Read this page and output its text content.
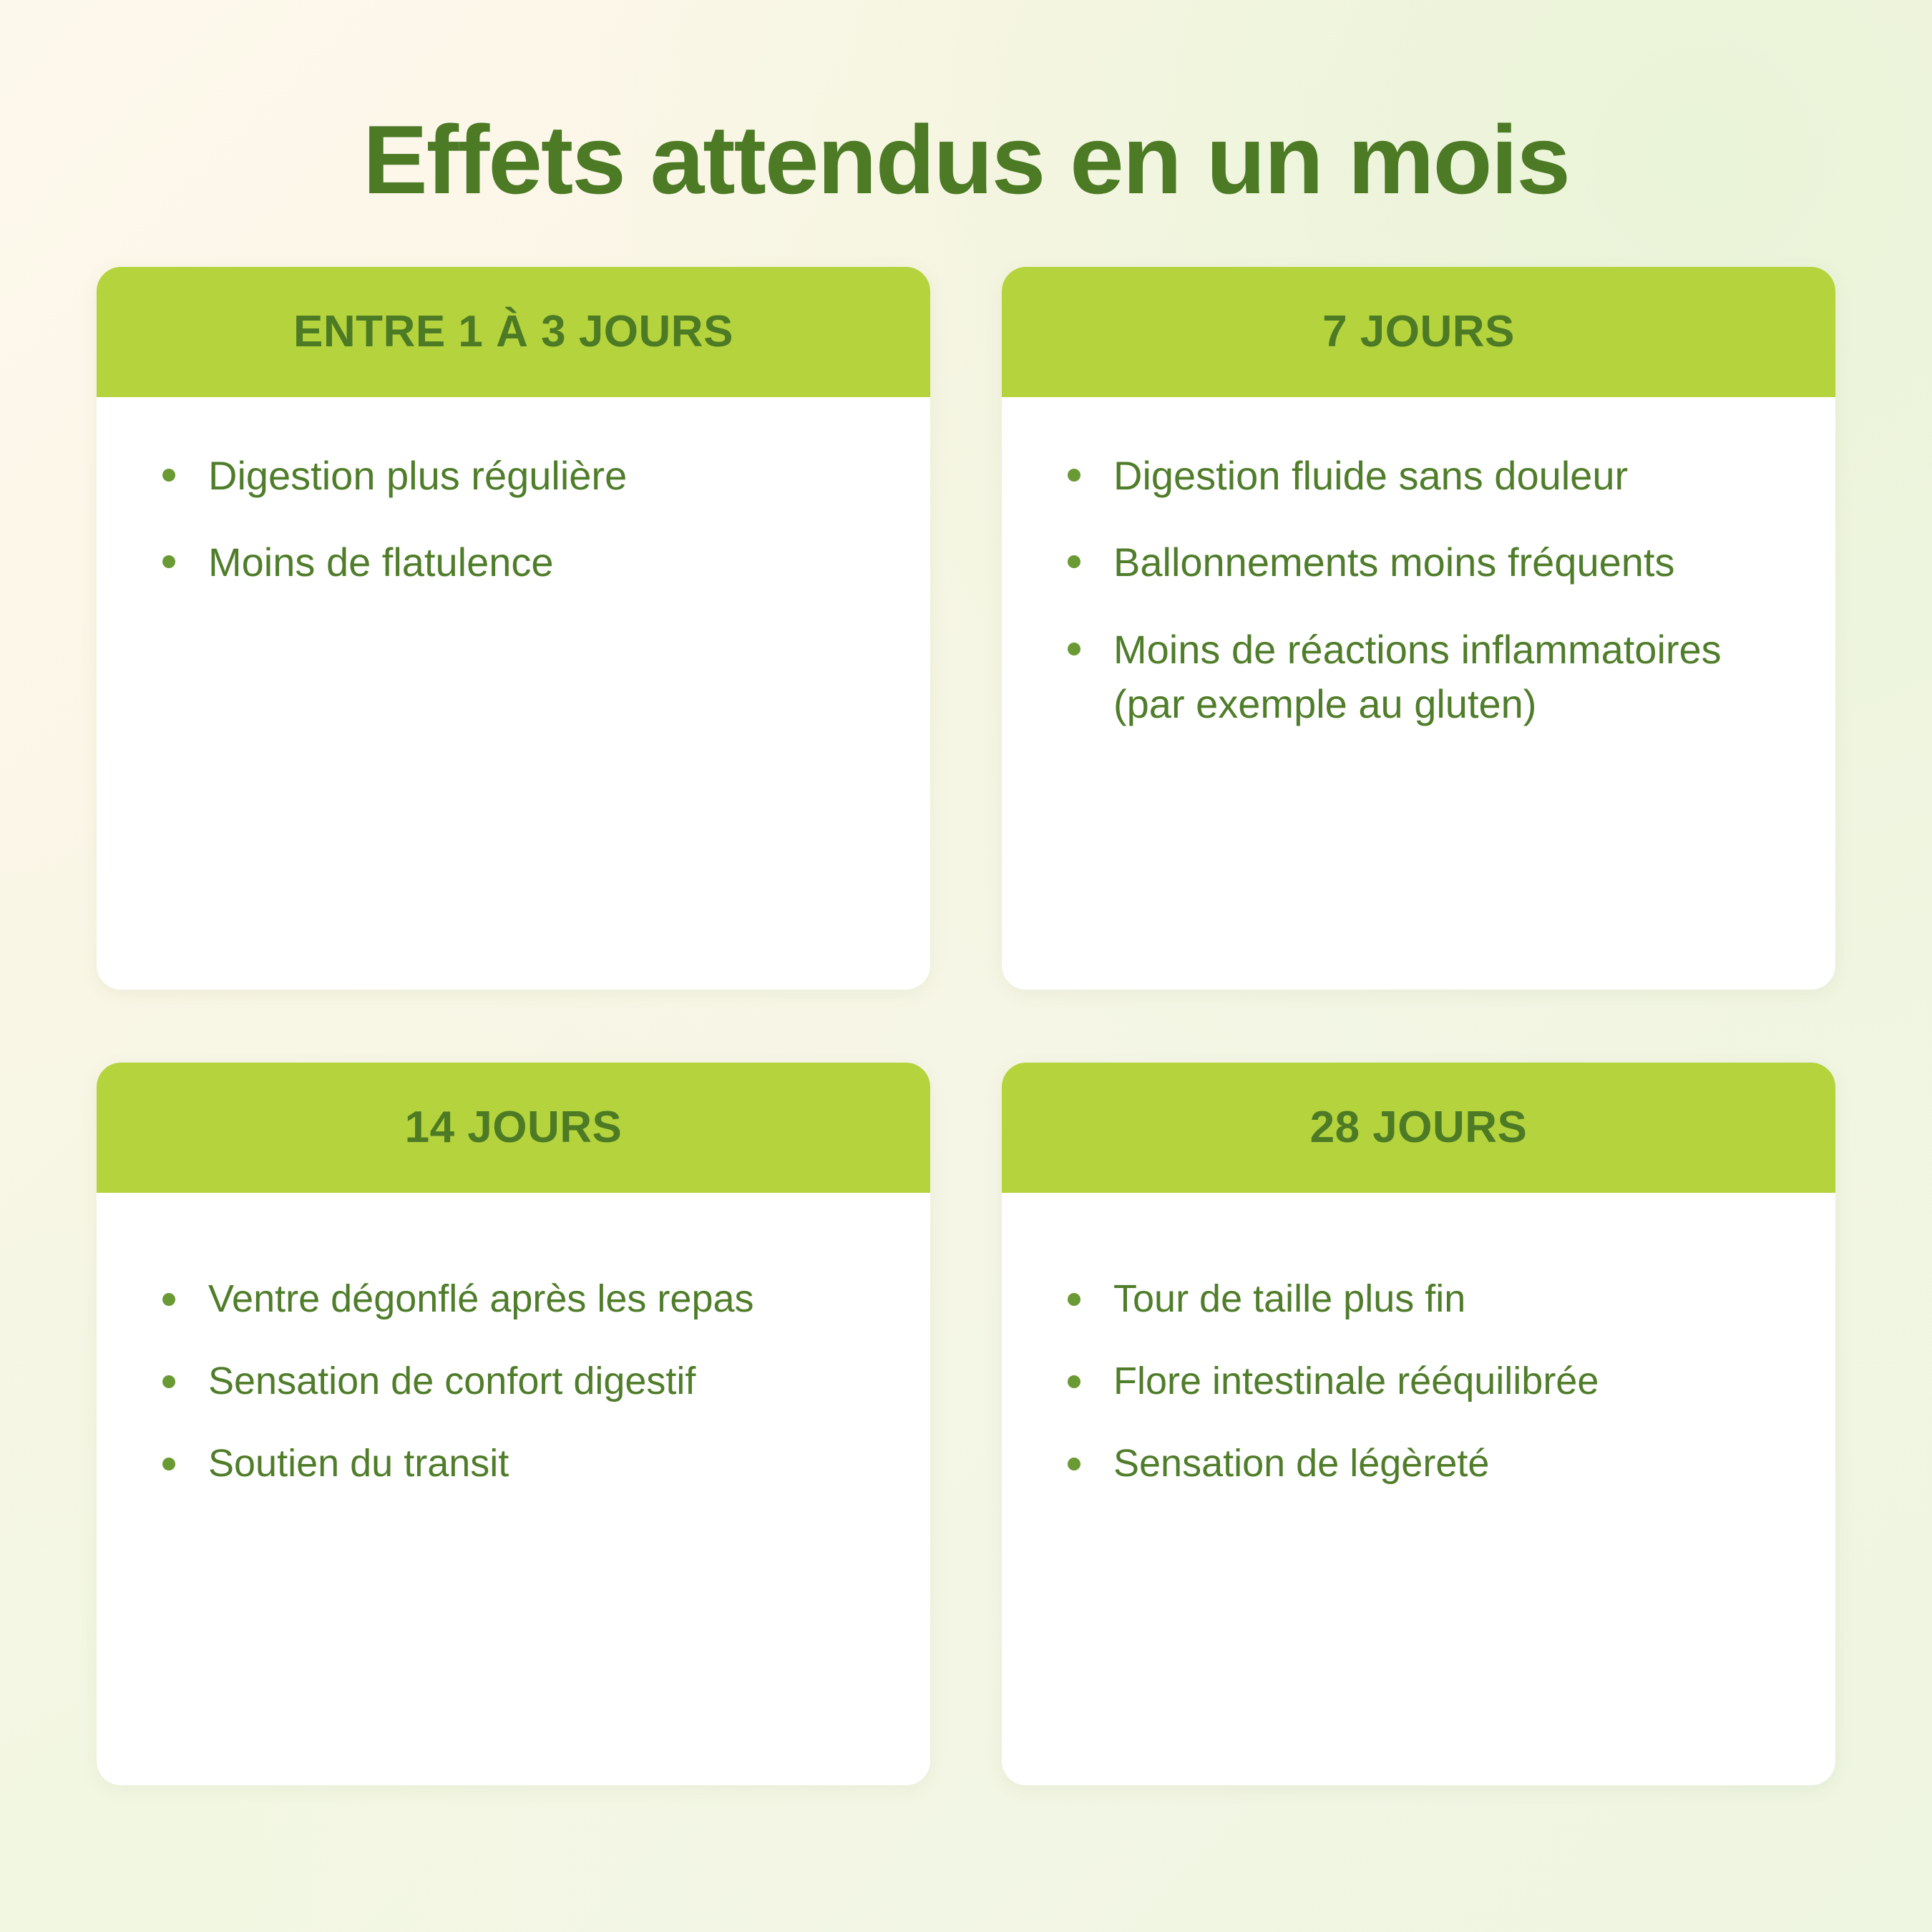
Effets attendus en un mois
ENTRE 1 À 3 JOURS
Digestion plus régulière
Moins de flatulence
7 JOURS
Digestion fluide sans douleur
Ballonnements moins fréquents
Moins de réactions inflammatoires (par exemple au gluten)
14 JOURS
Ventre dégonflé après les repas
Sensation de confort digestif
Soutien du transit
28 JOURS
Tour de taille plus fin
Flore intestinale rééquilibrée
Sensation de légèreté
